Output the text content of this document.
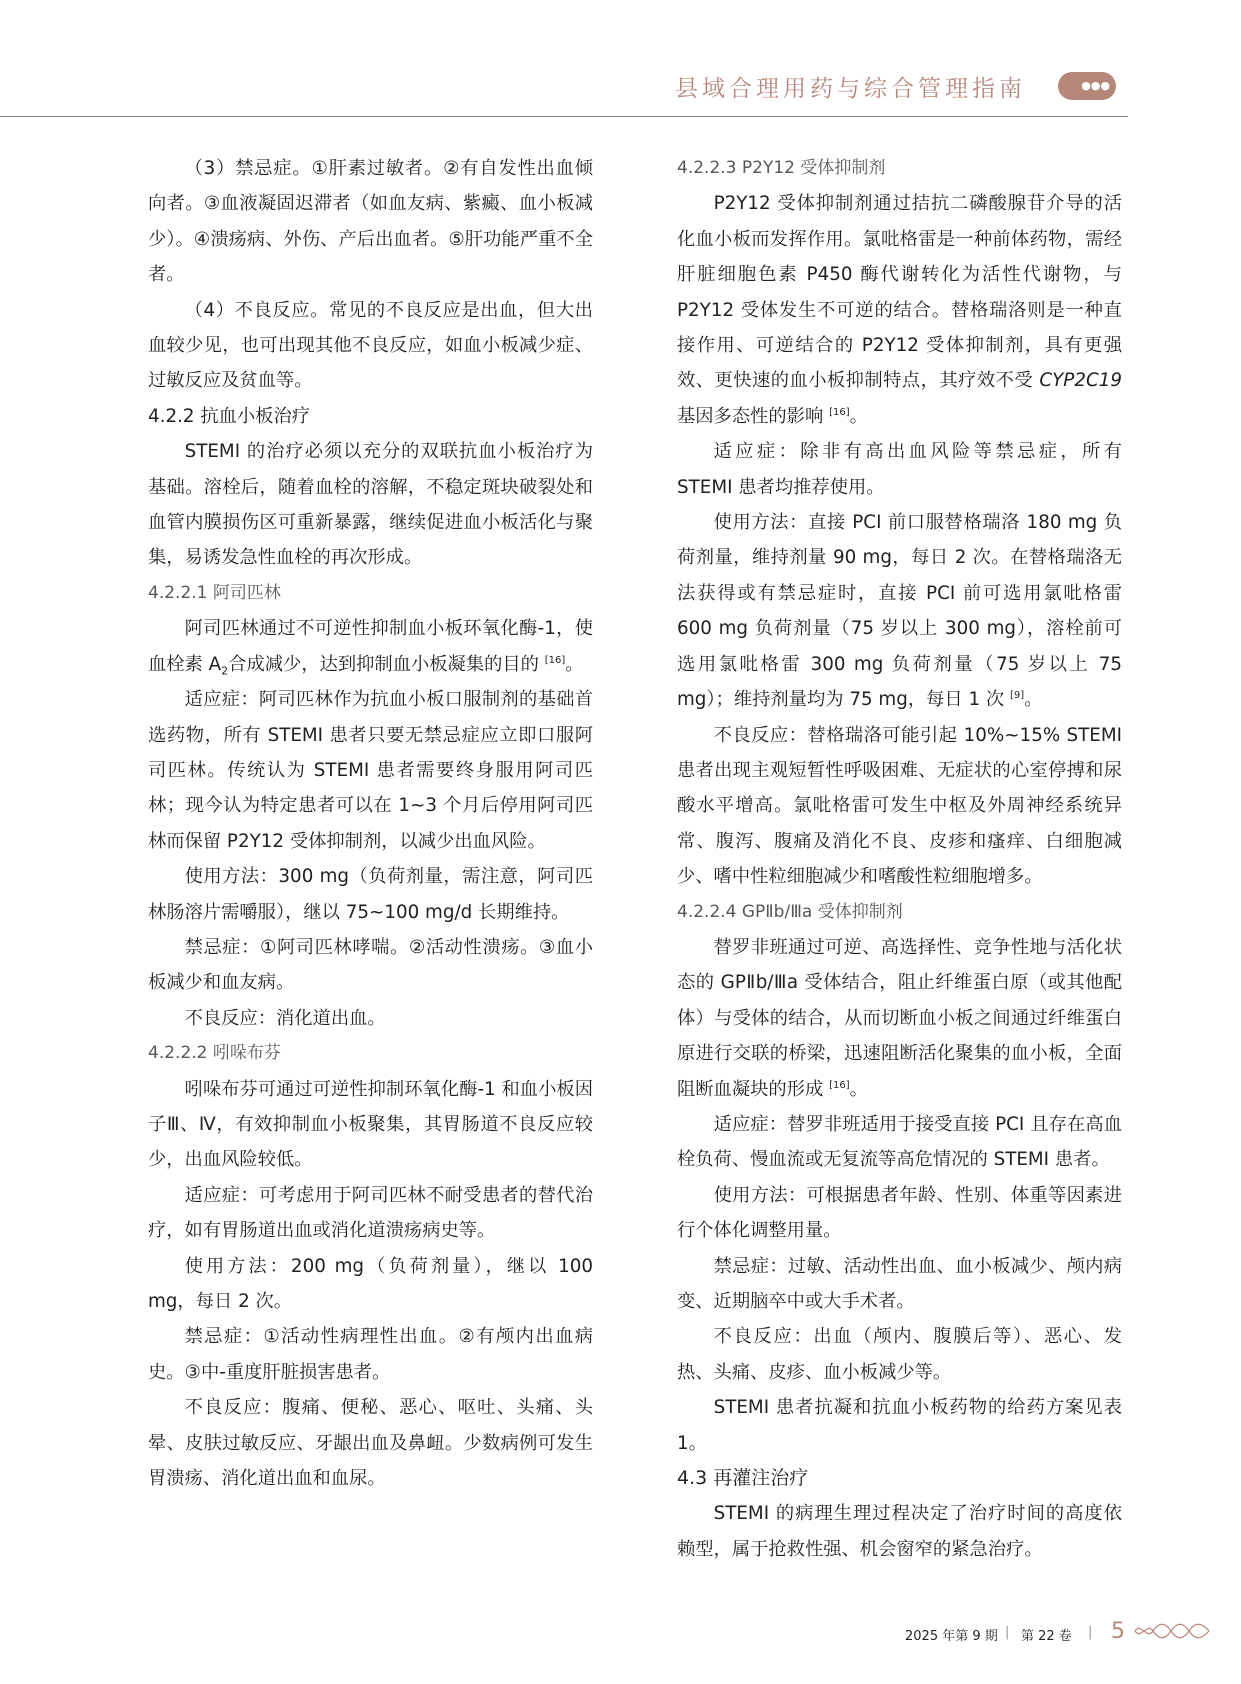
县域合理用药与综合管理指南	●●●

（3）禁忌症。①肝素过敏者。②有自发性出血倾向者。③血液凝固迟滞者（如血友病、紫癜、血小板减少）。④溃疡病、外伤、产后出血者。⑤肝功能严重不全者。

（4）不良反应。常见的不良反应是出血，但大出血较少见，也可出现其他不良反应，如血小板减少症、过敏反应及贫血等。

4.2.2 抗血小板治疗

STEMI 的治疗必须以充分的双联抗血小板治疗为基础。溶栓后，随着血栓的溶解，不稳定斑块破裂处和血管内膜损伤区可重新暴露，继续促进血小板活化与聚集，易诱发急性血栓的再次形成。

4.2.2.1 阿司匹林

阿司匹林通过不可逆性抑制血小板环氧化酶-1，使血栓素 $A_2$合成减少，达到抑制血小板凝集的目的 [16]。

适应症：阿司匹林作为抗血小板口服制剂的基础首选药物，所有 STEMI 患者只要无禁忌症应立即口服阿司匹林。传统认为 STEMI 患者需要终身服用阿司匹林；现今认为特定患者可以在 1~3 个月后停用阿司匹林而保留 P2Y12 受体抑制剂，以减少出血风险。

使用方法：300 mg（负荷剂量，需注意，阿司匹林肠溶片需嚼服），继以 75~100 mg/d 长期维持。

禁忌症：①阿司匹林哮喘。②活动性溃疡。③血小板减少和血友病。

不良反应：消化道出血。

4.2.2.2 吲哚布芬

吲哚布芬可通过可逆性抑制环氧化酶-1 和血小板因子Ⅲ、Ⅳ，有效抑制血小板聚集，其胃肠道不良反应较少，出血风险较低。

适应症：可考虑用于阿司匹林不耐受患者的替代治疗，如有胃肠道出血或消化道溃疡病史等。

使用方法：200 mg（负荷剂量），继以 100 mg，每日 2 次。

禁忌症：①活动性病理性出血。②有颅内出血病史。③中-重度肝脏损害患者。

不良反应：腹痛、便秘、恶心、呕吐、头痛、头晕、皮肤过敏反应、牙龈出血及鼻衄。少数病例可发生胃溃疡、消化道出血和血尿。

4.2.2.3 P2Y12 受体抑制剂

P2Y12 受体抑制剂通过拮抗二磷酸腺苷介导的活化血小板而发挥作用。氯吡格雷是一种前体药物，需经肝脏细胞色素 P450 酶代谢转化为活性代谢物，与 P2Y12 受体发生不可逆的结合。替格瑞洛则是一种直接作用、可逆结合的 P2Y12 受体抑制剂，具有更强效、更快速的血小板抑制特点，其疗效不受 CYP2C19 基因多态性的影响 [16]。

适应症：除非有高出血风险等禁忌症，所有 STEMI 患者均推荐使用。

使用方法：直接 PCI 前口服替格瑞洛 180 mg 负荷剂量，维持剂量 90 mg，每日 2 次。在替格瑞洛无法获得或有禁忌症时，直接 PCI 前可选用氯吡格雷 600 mg 负荷剂量（75 岁以上 300 mg），溶栓前可选用氯吡格雷 300 mg 负荷剂量（75 岁以上 75 mg）；维持剂量均为 75 mg，每日 1 次 [9]。

不良反应：替格瑞洛可能引起 10%~15% STEMI 患者出现主观短暂性呼吸困难、无症状的心室停搏和尿酸水平增高。氯吡格雷可发生中枢及外周神经系统异常、腹泻、腹痛及消化不良、皮疹和瘙痒、白细胞减少、嗜中性粒细胞减少和嗜酸性粒细胞增多。

4.2.2.4 GPⅡb/Ⅲa 受体抑制剂

替罗非班通过可逆、高选择性、竞争性地与活化状态的 GPⅡb/Ⅲa 受体结合，阻止纤维蛋白原（或其他配体）与受体的结合，从而切断血小板之间通过纤维蛋白原进行交联的桥梁，迅速阻断活化聚集的血小板，全面阻断血凝块的形成 [16]。

适应症：替罗非班适用于接受直接 PCI 且存在高血栓负荷、慢血流或无复流等高危情况的 STEMI 患者。

使用方法：可根据患者年龄、性别、体重等因素进行个体化调整用量。

禁忌症：过敏、活动性出血、血小板减少、颅内病变、近期脑卒中或大手术者。

不良反应：出血（颅内、腹膜后等）、恶心、发热、头痛、皮疹、血小板减少等。

STEMI 患者抗凝和抗血小板药物的给药方案见表 1。

4.3 再灌注治疗

STEMI 的病理生理过程决定了治疗时间的高度依赖型，属于抢救性强、机会窗窄的紧急治疗。

2025 年第 9 期 | 第 22 卷 | 5
